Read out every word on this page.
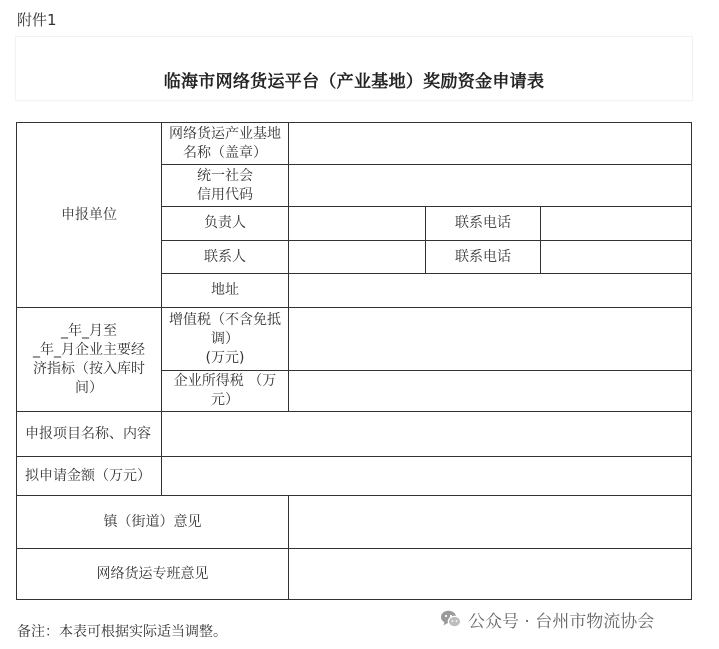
附件1
临海市网络货运平台（产业基地）奖励资金申请表
申报单位	网络货运产业基地
名称（盖章）			
	统一社会
信用代码			
	负责人		联系电话	
	联系人		联系电话	
	地址			
_年_月至
_年_月企业主要经
济指标（按入库时
间）	增值税（不含免抵
调）
(万元)			
	企业所得税 （万
元）			
申报项目名称、内容				
拟申请金额（万元）				
镇（街道）意见				
网络货运专班意见				
备注：本表可根据实际适当调整。
公众号 · 台州市物流协会
